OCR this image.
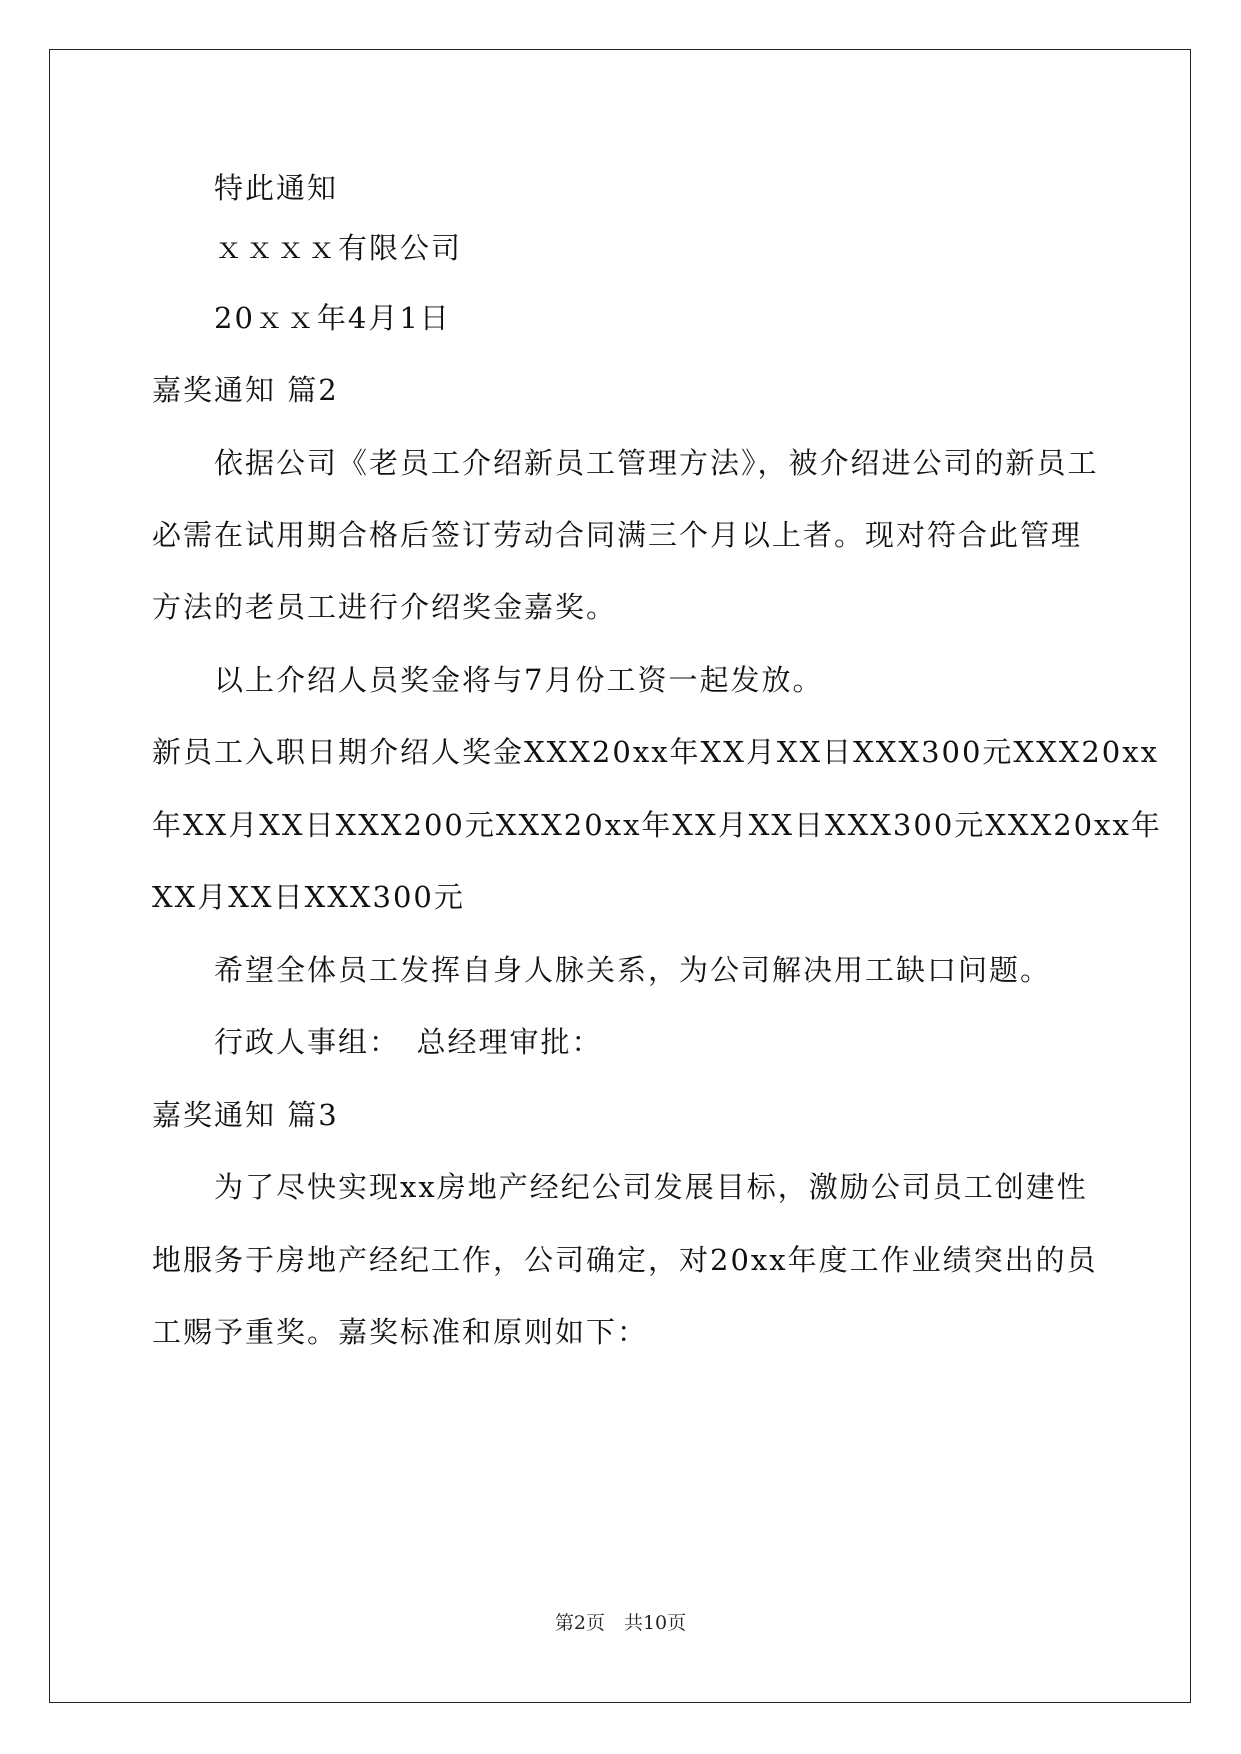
特此通知
ｘｘｘｘ有限公司
20ｘｘ年4月1日
嘉奖通知 篇2
依据公司《老员工介绍新员工管理方法》，被介绍进公司的新员工
必需在试用期合格后签订劳动合同满三个月以上者。现对符合此管理
方法的老员工进行介绍奖金嘉奖。
以上介绍人员奖金将与7月份工资一起发放。
新员工入职日期介绍人奖金XXX20xx年XX月XX日XXX300元XXX20xx
年XX月XX日XXX200元XXX20xx年XX月XX日XXX300元XXX20xx年
XX月XX日XXX300元
希望全体员工发挥自身人脉关系，为公司解决用工缺口问题。
行政人事组：　总经理审批：
嘉奖通知 篇3
为了尽快实现xx房地产经纪公司发展目标，激励公司员工创建性
地服务于房地产经纪工作，公司确定，对20xx年度工作业绩突出的员
工赐予重奖。嘉奖标准和原则如下：
第2页　共10页
